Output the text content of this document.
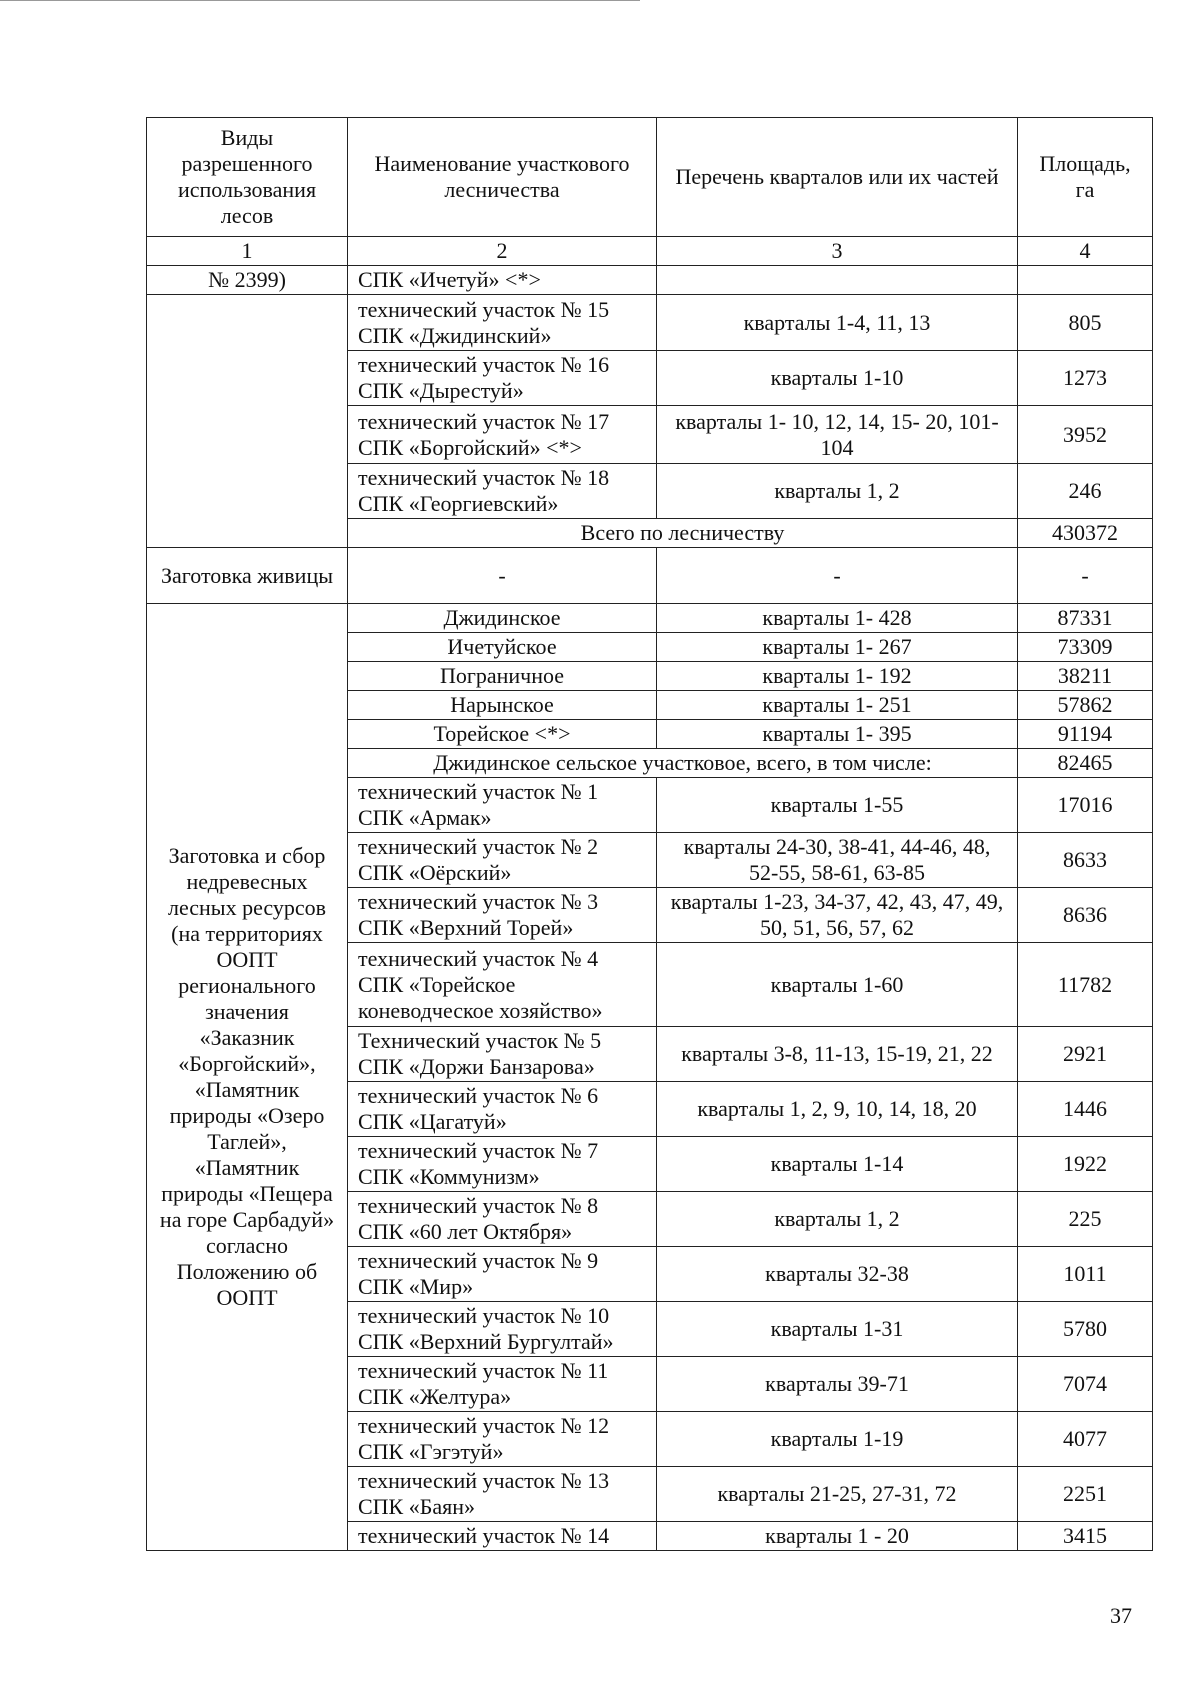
Виды разрешенного использования лесов	Наименование участкового лесничества	Перечень кварталов или их частей	Площадь, га
1	2	3	4
№ 2399)	СПК «Ичетуй» <*>		
	технический участок № 15 СПК «Джидинский»	кварталы 1-4, 11, 13	805
	технический участок № 16 СПК «Дырестуй»	кварталы 1-10	1273
	технический участок № 17 СПК «Боргойский» <*>	кварталы 1- 10, 12, 14, 15- 20, 101-104	3952
	технический участок № 18 СПК «Георгиевский»	кварталы 1, 2	246
	Всего по лесничеству		430372
Заготовка живицы	-	-	-
Заготовка и сбор недревесных лесных ресурсов (на территориях ООПТ регионального значения «Заказник «Боргойский», «Памятник природы «Озеро Таглей», «Памятник природы «Пещера на горе Сарбадуй» согласно Положению об ООПТ	Джидинское	кварталы 1- 428	87331
	Ичетуйское	кварталы 1- 267	73309
	Пограничное	кварталы 1- 192	38211
	Нарынское	кварталы 1- 251	57862
	Торейское <*>	кварталы 1- 395	91194
	Джидинское сельское участковое, всего, в том числе:		82465
	технический участок № 1 СПК «Армак»	кварталы 1-55	17016
	технический участок № 2 СПК «Оёрский»	кварталы 24-30, 38-41, 44-46, 48, 52-55, 58-61, 63-85	8633
	технический участок № 3 СПК «Верхний Торей»	кварталы 1-23, 34-37, 42, 43, 47, 49, 50, 51, 56, 57, 62	8636
	технический участок № 4 СПК «Торейское коневодческое хозяйство»	кварталы 1-60	11782
	Технический участок № 5 СПК «Доржи Банзарова»	кварталы 3-8, 11-13, 15-19, 21, 22	2921
	технический участок № 6 СПК «Цагатуй»	кварталы 1, 2, 9, 10, 14, 18, 20	1446
	технический участок № 7 СПК «Коммунизм»	кварталы 1-14	1922
	технический участок № 8 СПК «60 лет Октября»	кварталы 1, 2	225
	технический участок № 9 СПК «Мир»	кварталы 32-38	1011
	технический участок № 10 СПК «Верхний Бургултай»	кварталы 1-31	5780
	технический участок № 11 СПК «Желтура»	кварталы 39-71	7074
	технический участок № 12 СПК «Гэгэтуй»	кварталы 1-19	4077
	технический участок № 13 СПК «Баян»	кварталы 21-25, 27-31, 72	2251
	технический участок № 14	кварталы 1 - 20	3415
37
